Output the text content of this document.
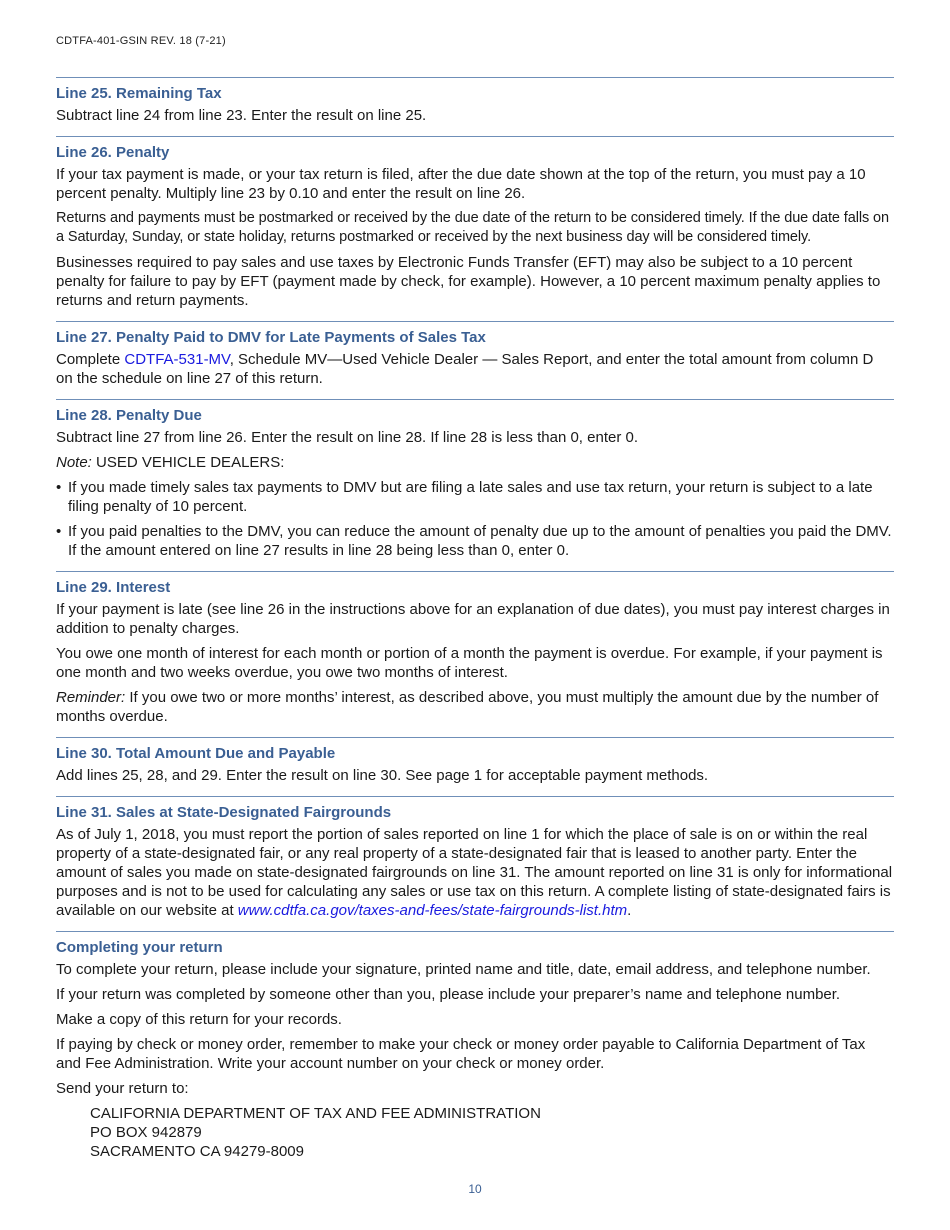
CDTFA-401-GSIN REV. 18 (7-21)
Line 25. Remaining Tax

Subtract line 24 from line 23. Enter the result on line 25.

Line 26. Penalty

If your tax payment is made, or your tax return is filed, after the due date shown at the top of the return, you must pay a 10 percent penalty. Multiply line 23 by 0.10 and enter the result on line 26.

Returns and payments must be postmarked or received by the due date of the return to be considered timely. If the due date falls on a Saturday, Sunday, or state holiday, returns postmarked or received by the next business day will be considered timely.

Businesses required to pay sales and use taxes by Electronic Funds Transfer (EFT) may also be subject to a 10 percent penalty for failure to pay by EFT (payment made by check, for example). However, a 10 percent maximum penalty applies to returns and return payments.

Line 27. Penalty Paid to DMV for Late Payments of Sales Tax

Complete CDTFA-531-MV, Schedule MV—Used Vehicle Dealer — Sales Report, and enter the total amount from column D on the schedule on line 27 of this return.

Line 28. Penalty Due

Subtract line 27 from line 26. Enter the result on line 28. If line 28 is less than 0, enter 0.

Note: USED VEHICLE DEALERS:

• If you made timely sales tax payments to DMV but are filing a late sales and use tax return, your return is subject to a late filing penalty of 10 percent.
• If you paid penalties to the DMV, you can reduce the amount of penalty due up to the amount of penalties you paid the DMV. If the amount entered on line 27 results in line 28 being less than 0, enter 0.
Line 29. Interest

If your payment is late (see line 26 in the instructions above for an explanation of due dates), you must pay interest charges in addition to penalty charges.

You owe one month of interest for each month or portion of a month the payment is overdue. For example, if your payment is one month and two weeks overdue, you owe two months of interest.

Reminder: If you owe two or more months’ interest, as described above, you must multiply the amount due by the number of months overdue.

Line 30. Total Amount Due and Payable

Add lines 25, 28, and 29. Enter the result on line 30. See page 1 for acceptable payment methods.

Line 31. Sales at State-Designated Fairgrounds

As of July 1, 2018, you must report the portion of sales reported on line 1 for which the place of sale is on or within the real property of a state-designated fair, or any real property of a state-designated fair that is leased to another party. Enter the amount of sales you made on state-designated fairgrounds on line 31. The amount reported on line 31 is only for informational purposes and is not to be used for calculating any sales or use tax on this return. A complete listing of state-designated fairs is available on our website at www.cdtfa.ca.gov/taxes-and-fees/state-fairgrounds-list.htm.

Completing your return

To complete your return, please include your signature, printed name and title, date, email address, and telephone number.

If your return was completed by someone other than you, please include your preparer’s name and telephone number.

Make a copy of this return for your records.

If paying by check or money order, remember to make your check or money order payable to California Department of Tax and Fee Administration. Write your account number on your check or money order.

Send your return to:

CALIFORNIA DEPARTMENT OF TAX AND FEE ADMINISTRATION
PO BOX 942879
SACRAMENTO CA 94279-8009
10
